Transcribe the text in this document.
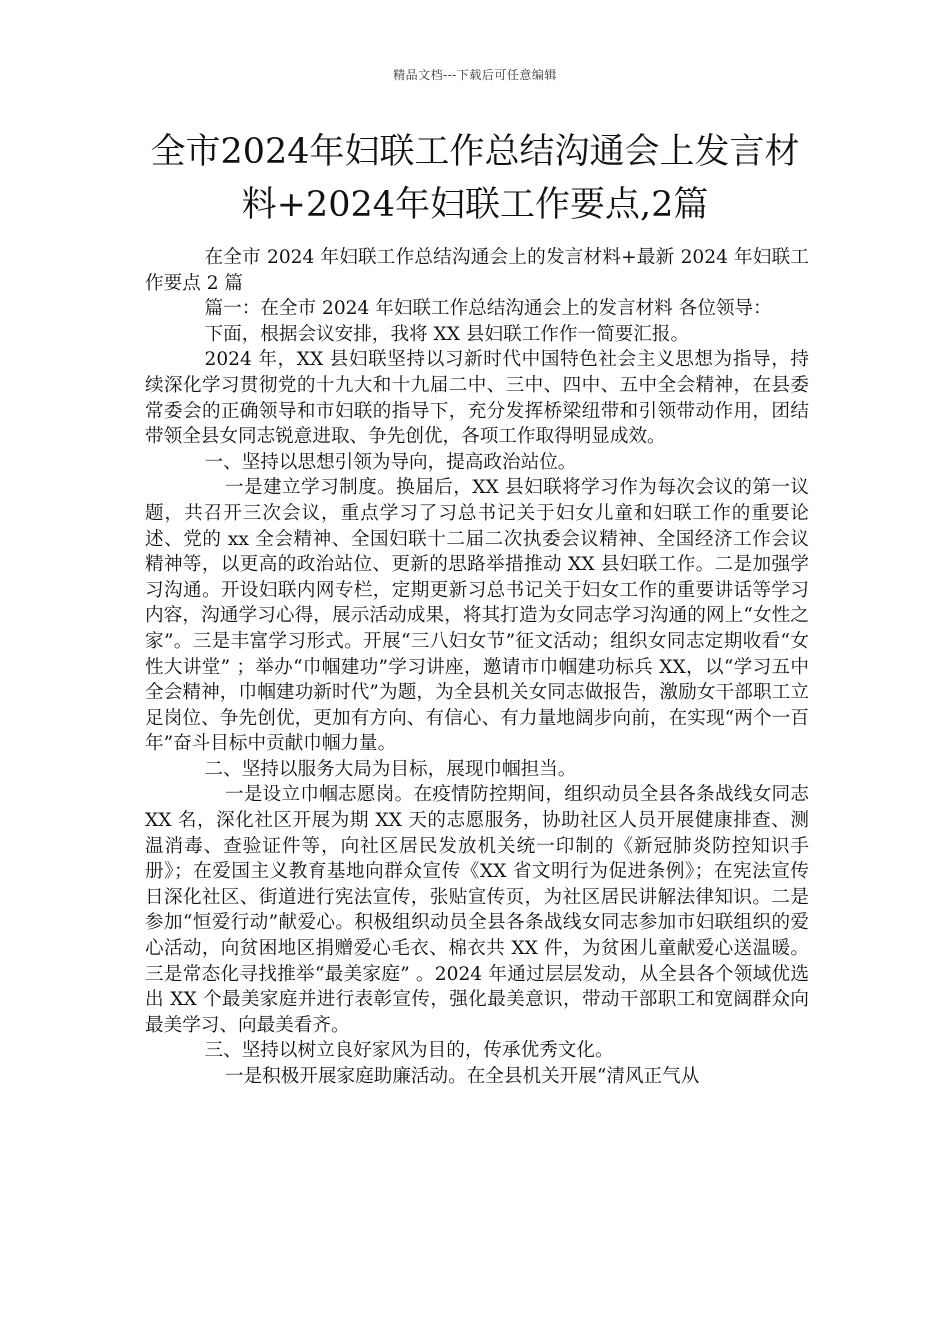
精品文档---下载后可任意编辑
全市2024年妇联工作总结沟通会上发言材
料+2024年妇联工作要点,2篇

在全市 2024 年妇联工作总结沟通会上的发言材料+最新 2024 年妇联工作要点 2 篇

篇一：在全市 2024 年妇联工作总结沟通会上的发言材料 各位领导：

下面，根据会议安排，我将 XX 县妇联工作作一简要汇报。

2024 年，XX 县妇联坚持以习新时代中国特色社会主义思想为指导，持续深化学习贯彻党的十九大和十九届二中、三中、四中、五中全会精神，在县委常委会的正确领导和市妇联的指导下，充分发挥桥梁纽带和引领带动作用，团结带领全县女同志锐意进取、争先创优，各项工作取得明显成效。

一、坚持以思想引领为导向，提高政治站位。

一是建立学习制度。换届后，XX 县妇联将学习作为每次会议的第一议题，共召开三次会议，重点学习了习总书记关于妇女儿童和妇联工作的重要论述、党的 xx 全会精神、全国妇联十二届二次执委会议精神、全国经济工作会议精神等，以更高的政治站位、更新的思路举措推动 XX 县妇联工作。二是加强学习沟通。开设妇联内网专栏，定期更新习总书记关于妇女工作的重要讲话等学习内容，沟通学习心得，展示活动成果，将其打造为女同志学习沟通的网上“女性之家”。三是丰富学习形式。开展“三八妇女节”征文活动；组织女同志定期收看“女性大讲堂” ；举办“巾帼建功”学习讲座，邀请市巾帼建功标兵 XX，以“学习五中全会精神，巾帼建功新时代”为题，为全县机关女同志做报告，激励女干部职工立足岗位、争先创优，更加有方向、有信心、有力量地阔步向前，在实现“两个一百年”奋斗目标中贡献巾帼力量。

二、坚持以服务大局为目标，展现巾帼担当。

一是设立巾帼志愿岗。在疫情防控期间，组织动员全县各条战线女同志 XX 名，深化社区开展为期 XX 天的志愿服务，协助社区人员开展健康排查、测温消毒、查验证件等，向社区居民发放机关统一印制的《新冠肺炎防控知识手册》；在爱国主义教育基地向群众宣传《XX 省文明行为促进条例》；在宪法宣传日深化社区、街道进行宪法宣传，张贴宣传页，为社区居民讲解法律知识。二是参加“恒爱行动”献爱心。积极组织动员全县各条战线女同志参加市妇联组织的爱心活动，向贫困地区捐赠爱心毛衣、棉衣共 XX 件，为贫困儿童献爱心送温暖。三是常态化寻找推举“最美家庭” 。2024 年通过层层发动，从全县各个领域优选出 XX 个最美家庭并进行表彰宣传，强化最美意识，带动干部职工和宽阔群众向最美学习、向最美看齐。

三、坚持以树立良好家风为目的，传承优秀文化。

一是积极开展家庭助廉活动。在全县机关开展“清风正气从
